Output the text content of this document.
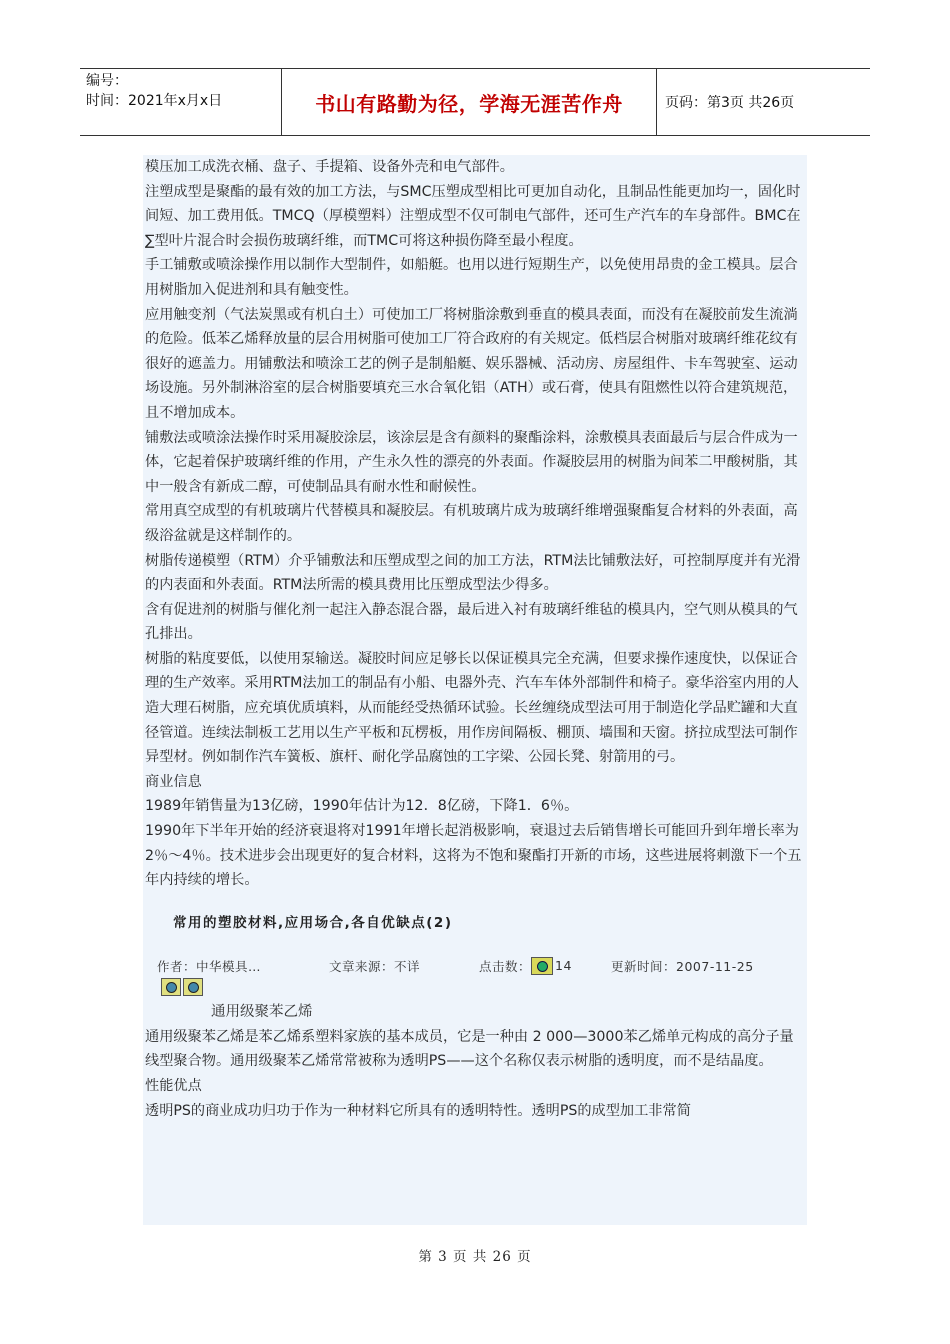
编号：
时间：2021年x月x日	书山有路勤为径，学海无涯苦作舟	页码：第3页 共26页

模压加工成洗衣桶、盘子、手提箱、设备外壳和电气部件。

注塑成型是聚酯的最有效的加工方法，与SMC压塑成型相比可更加自动化，且制品性能更加均一，固化时间短、加工费用低。TMCQ（厚模塑料）注塑成型不仅可制电气部件，还可生产汽车的车身部件。BMC在∑型叶片混合时会损伤玻璃纤维，而TMC可将这种损伤降至最小程度。

手工铺敷或喷涂操作用以制作大型制件，如船艇。也用以进行短期生产，以免使用昂贵的金工模具。层合用树脂加入促进剂和具有触变性。

应用触变剂（气法炭黑或有机白土）可使加工厂将树脂涂敷到垂直的模具表面，而没有在凝胶前发生流淌的危险。低苯乙烯释放量的层合用树脂可使加工厂符合政府的有关规定。低档层合树脂对玻璃纤维花纹有很好的遮盖力。用铺敷法和喷涂工艺的例子是制船艇、娱乐器械、活动房、房屋组件、卡车驾驶室、运动场设施。另外制淋浴室的层合树脂要填充三水合氧化铝（ATH）或石膏，使具有阻燃性以符合建筑规范，且不增加成本。

铺敷法或喷涂法操作时采用凝胶涂层，该涂层是含有颜料的聚酯涂料，涂敷模具表面最后与层合件成为一体，它起着保护玻璃纤维的作用，产生永久性的漂亮的外表面。作凝胶层用的树脂为间苯二甲酸树脂，其中一般含有新成二醇，可使制品具有耐水性和耐候性。

常用真空成型的有机玻璃片代替模具和凝胶层。有机玻璃片成为玻璃纤维增强聚酯复合材料的外表面，高级浴盆就是这样制作的。

树脂传递模塑（RTM）介乎铺敷法和压塑成型之间的加工方法，RTM法比铺敷法好，可控制厚度并有光滑的内表面和外表面。RTM法所需的模具费用比压塑成型法少得多。

含有促进剂的树脂与催化剂一起注入静态混合器，最后进入衬有玻璃纤维毡的模具内，空气则从模具的气孔排出。

树脂的粘度要低，以使用泵输送。凝胶时间应足够长以保证模具完全充满，但要求操作速度快，以保证合理的生产效率。采用RTM法加工的制品有小船、电器外壳、汽车车体外部制件和椅子。豪华浴室内用的人造大理石树脂，应充填优质填料，从而能经受热循环试验。长丝缠绕成型法可用于制造化学品贮罐和大直径管道。连续法制板工艺用以生产平板和瓦楞板，用作房间隔板、棚顶、墙围和天窗。挤拉成型法可制作异型材。例如制作汽车簧板、旗杆、耐化学品腐蚀的工字梁、公园长凳、射箭用的弓。

商业信息

1989年销售量为13亿磅，1990年估计为12．8亿磅，下降1．6％。

1990年下半年开始的经济衰退将对1991年增长起消极影响，衰退过去后销售增长可能回升到年增长率为2％～4％。技术进步会出现更好的复合材料，这将为不饱和聚酯打开新的市场，这些进展将刺激下一个五年内持续的增长。

常用的塑胶材料,应用场合,各自优缺点(2)
作者：中华模具…	文章来源：不详	点击数： 14	更新时间：2007-11-25
通用级聚苯乙烯

通用级聚苯乙烯是苯乙烯系塑料家族的基本成员，它是一种由 2 000—3000苯乙烯单元构成的高分子量线型聚合物。通用级聚苯乙烯常常被称为透明PS——这个名称仅表示树脂的透明度，而不是结晶度。

性能优点

透明PS的商业成功归功于作为一种材料它所具有的透明特性。透明PS的成型加工非常简

第 3 页 共 26 页
